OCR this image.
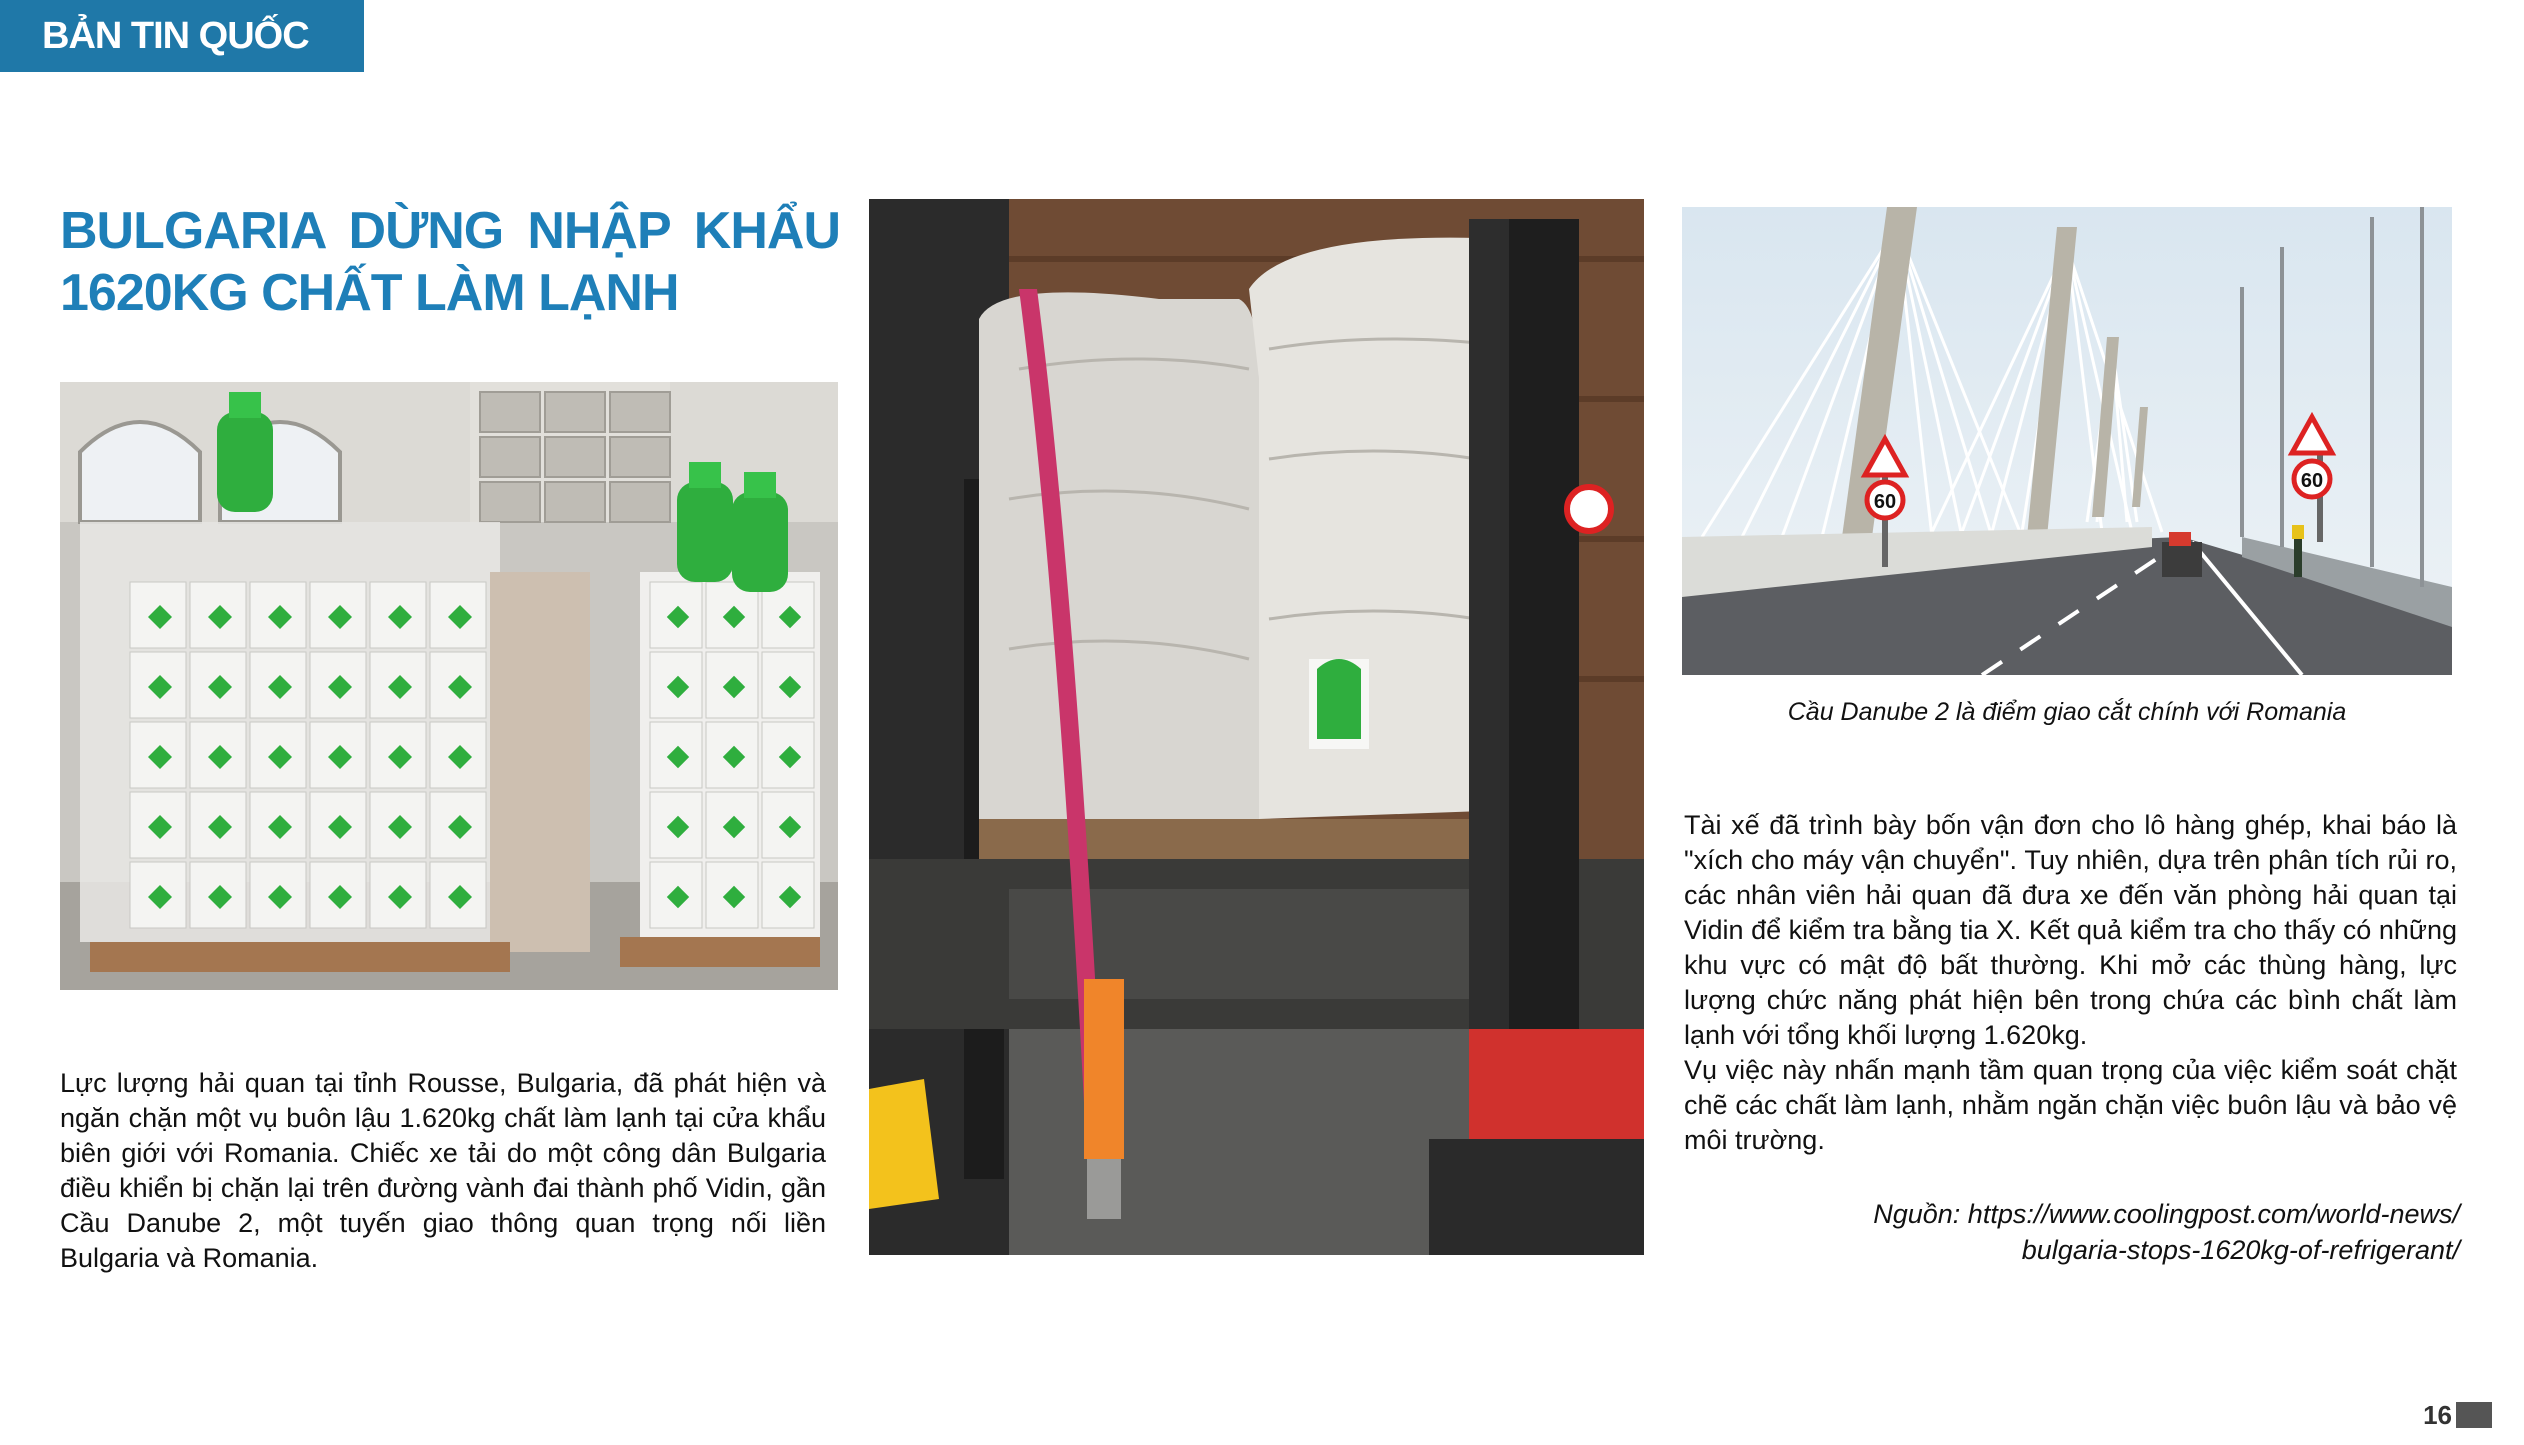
BẢN TIN QUỐC TẾ
BULGARIA DỪNG NHẬP KHẨU
1620KG CHẤT LÀM LẠNH
60
60
Cầu Danube 2 là điểm giao cắt chính với Romania

Lực lượng hải quan tại tỉnh Rousse, Bulgaria, đã phát hiện và ngăn chặn một vụ buôn lậu 1.620kg chất làm lạnh tại cửa khẩu biên giới với Romania. Chiếc xe tải do một công dân Bulgaria điều khiển bị chặn lại trên đường vành đai thành phố Vidin, gần Cầu Danube 2, một tuyến giao thông quan trọng nối liền Bulgaria và Romania.

Tài xế đã trình bày bốn vận đơn cho lô hàng ghép, khai báo là "xích cho máy vận chuyển". Tuy nhiên, dựa trên phân tích rủi ro, các nhân viên hải quan đã đưa xe đến văn phòng hải quan tại Vidin để kiểm tra bằng tia X. Kết quả kiểm tra cho thấy có những khu vực có mật độ bất thường. Khi mở các thùng hàng, lực lượng chức năng phát hiện bên trong chứa các bình chất làm lạnh với tổng khối lượng 1.620kg.

Vụ việc này nhấn mạnh tầm quan trọng của việc kiểm soát chặt chẽ các chất làm lạnh, nhằm ngăn chặn việc buôn lậu và bảo vệ môi trường.

Nguồn: https://www.coolingpost.com/world-news/
bulgaria-stops-1620kg-of-refrigerant/
16
